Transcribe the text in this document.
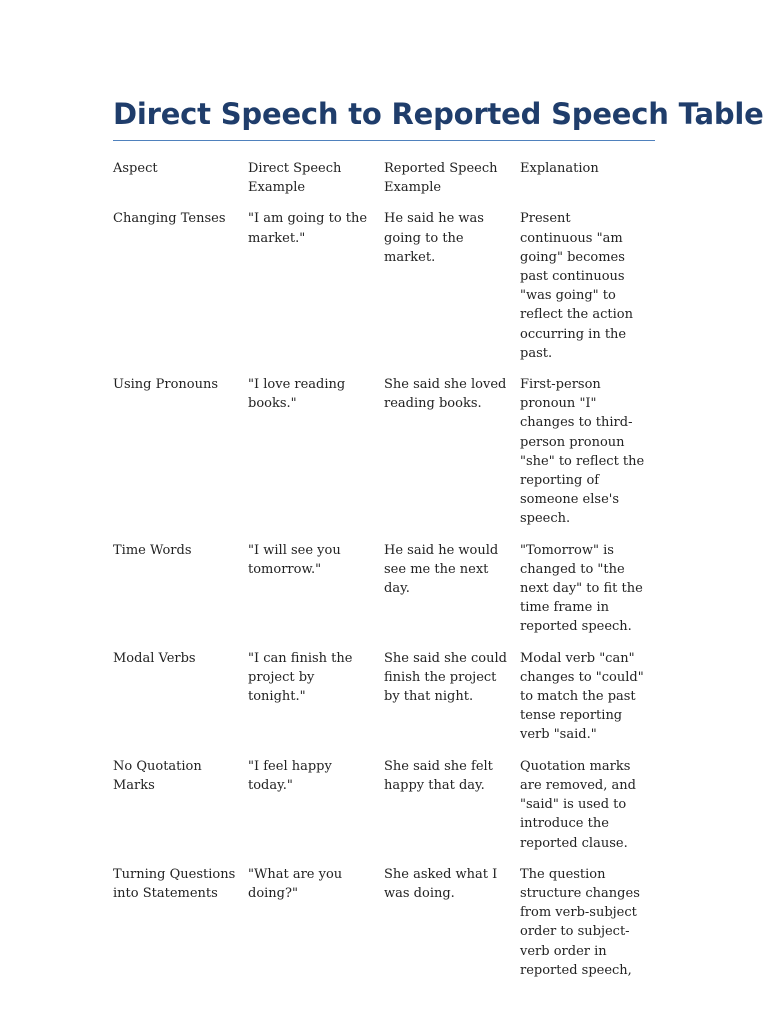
Direct Speech to Reported Speech Table
Aspect	Direct Speech Example	Reported Speech Example	Explanation
Changing Tenses	"I am going to the market."	He said he was going to the market.	Present continuous "am going" becomes past continuous "was going" to reflect the action occurring in the past.
Using Pronouns	"I love reading books."	She said she loved reading books.	First-person pronoun "I" changes to third-person pronoun "she" to reflect the reporting of someone else's speech.
Time Words	"I will see you tomorrow."	He said he would see me the next day.	"Tomorrow" is changed to "the next day" to fit the time frame in reported speech.
Modal Verbs	"I can finish the project by tonight."	She said she could finish the project by that night.	Modal verb "can" changes to "could" to match the past tense reporting verb "said."
No Quotation Marks	"I feel happy today."	She said she felt happy that day.	Quotation marks are removed, and "said" is used to introduce the reported clause.
Turning Questions into Statements	"What are you doing?"	She asked what I was doing.	The question structure changes from verb-subject order to subject-verb order in reported speech,
